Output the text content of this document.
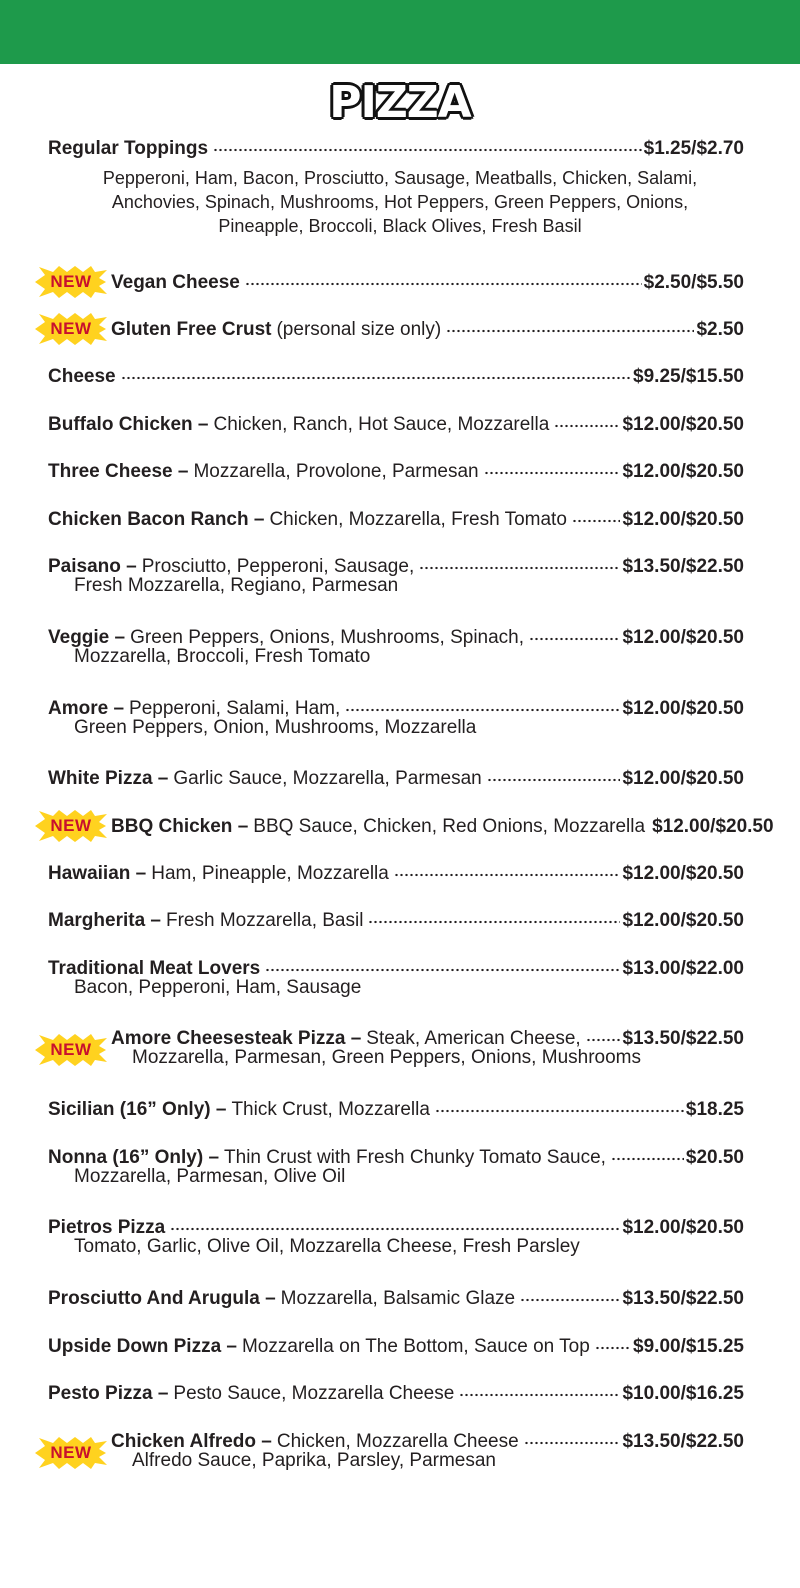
PIZZA
Regular Toppings	$1.25/$2.70
Pepperoni, Ham, Bacon, Prosciutto, Sausage, Meatballs, Chicken, Salami,
Anchovies, Spinach, Mushrooms, Hot Peppers, Green Peppers, Onions,
Pineapple, Broccoli, Black Olives, Fresh Basil
NEW Vegan Cheese	$2.50/$5.50
NEW Gluten Free Crust (personal size only)	$2.50
Cheese	$9.25/$15.50
Buffalo Chicken – Chicken, Ranch, Hot Sauce, Mozzarella	$12.00/$20.50
Three Cheese – Mozzarella, Provolone, Parmesan	$12.00/$20.50
Chicken Bacon Ranch – Chicken, Mozzarella, Fresh Tomato	$12.00/$20.50
Paisano – Prosciutto, Pepperoni, Sausage,	$13.50/$22.50
Fresh Mozzarella, Regiano, Parmesan
Veggie – Green Peppers, Onions, Mushrooms, Spinach,	$12.00/$20.50
Mozzarella, Broccoli, Fresh Tomato
Amore – Pepperoni, Salami, Ham,	$12.00/$20.50
Green Peppers, Onion, Mushrooms, Mozzarella
White Pizza – Garlic Sauce, Mozzarella, Parmesan	$12.00/$20.50
NEW BBQ Chicken – BBQ Sauce, Chicken, Red Onions, Mozzarella $12.00/$20.50
Hawaiian – Ham, Pineapple, Mozzarella	$12.00/$20.50
Margherita – Fresh Mozzarella, Basil	$12.00/$20.50
Traditional Meat Lovers	$13.00/$22.00
Bacon, Pepperoni, Ham, Sausage
NEW
Amore Cheesesteak Pizza – Steak, American Cheese, $13.50/$22.50
Mozzarella, Parmesan, Green Peppers, Onions, Mushrooms
Sicilian (16” Only) – Thick Crust, Mozzarella	$18.25
Nonna (16” Only) – Thin Crust with Fresh Chunky Tomato Sauce,	$20.50
Mozzarella, Parmesan, Olive Oil
Pietros Pizza	$12.00/$20.50
Tomato, Garlic, Olive Oil, Mozzarella Cheese, Fresh Parsley
Prosciutto And Arugula – Mozzarella, Balsamic Glaze	$13.50/$22.50
Upside Down Pizza – Mozzarella on The Bottom, Sauce on Top $9.00/$15.25
Pesto Pizza – Pesto Sauce, Mozzarella Cheese	$10.00/$16.25
NEW
Chicken Alfredo – Chicken, Mozzarella Cheese	$13.50/$22.50
Alfredo Sauce, Paprika, Parsley, Parmesan
